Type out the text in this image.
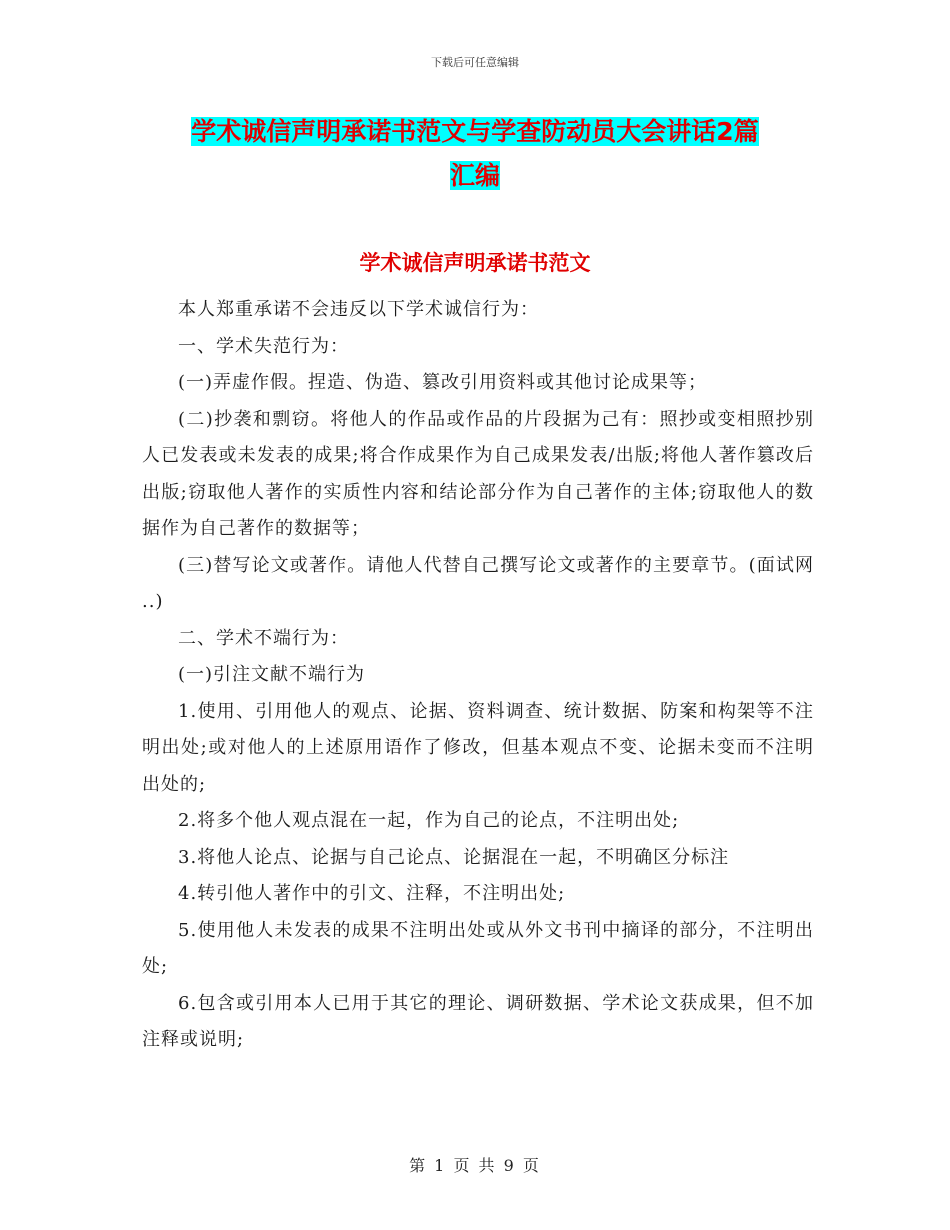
下载后可任意编辑
学术诚信声明承诺书范文与学查防动员大会讲话2篇
汇编
学术诚信声明承诺书范文

本人郑重承诺不会违反以下学术诚信行为：

一、学术失范行为：

(一)弄虚作假。捏造、伪造、篡改引用资料或其他讨论成果等；

(二)抄袭和剽窃。将他人的作品或作品的片段据为己有：照抄或变相照抄别人已发表或未发表的成果;将合作成果作为自己成果发表/出版;将他人著作篡改后出版;窃取他人著作的实质性内容和结论部分作为自己著作的主体;窃取他人的数据作为自己著作的数据等；

(三)替写论文或著作。请他人代替自己撰写论文或著作的主要章节。(面试网 ..)

二、学术不端行为：

(一)引注文献不端行为

1.使用、引用他人的观点、论据、资料调查、统计数据、防案和构架等不注明出处;或对他人的上述原用语作了修改，但基本观点不变、论据未变而不注明出处的;

2.将多个他人观点混在一起，作为自己的论点，不注明出处;

3.将他人论点、论据与自己论点、论据混在一起，不明确区分标注

4.转引他人著作中的引文、注释，不注明出处;

5.使用他人未发表的成果不注明出处或从外文书刊中摘译的部分，不注明出处;

6.包含或引用本人已用于其它的理论、调研数据、学术论文获成果，但不加注释或说明;

第 1 页 共 9 页
